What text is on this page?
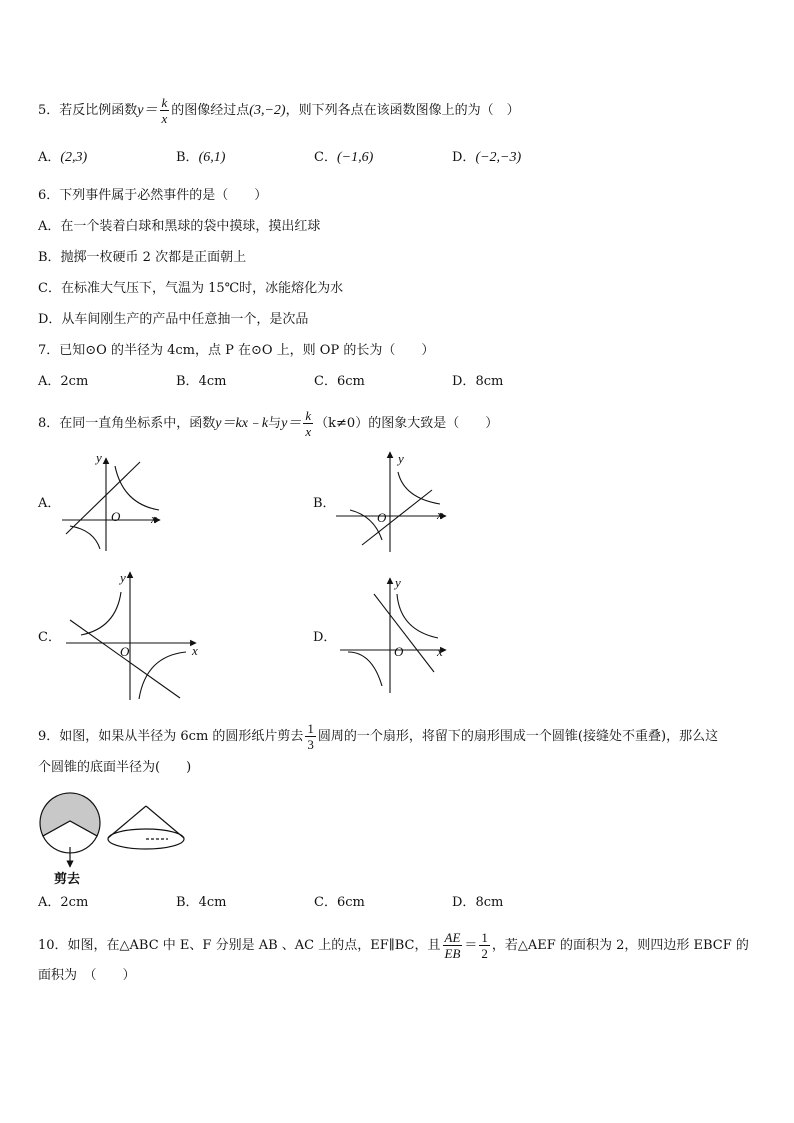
5．若反比例函数$y= \frac{k}{x}$ 的图像经过点(3,−2)，则下列各点在该函数图像上的为（　）
A．(2,3)	B．(6,1)	C．(−1,6)	D．(−2,−3)
6．下列事件属于必然事件的是（　　）
A．在一个装着白球和黑球的袋中摸球，摸出红球
B．抛掷一枚硬币 2 次都是正面朝上
C．在标准大气压下，气温为 15℃时，冰能熔化为水
D．从车间刚生产的产品中任意抽一个，是次品
7．已知⊙O 的半径为 4cm，点 P 在⊙O 上，则 OP 的长为（　　）
A．2cm	B．4cm	C．6cm	D．8cm
8．在同一直角坐标系中，函数y＝kx﹣k与$y= \frac{k}{x} (k\ne 0)$的图象大致是（　　）
A．	B．
C．	D．
y
x
O
y
x
O
y
x
O
y
x
O
9．如图，如果从半径为 6cm 的圆形纸片剪去 $\frac{1}{3}$ 圆周的一个扇形，将留下的扇形围成一个圆锥(接缝处不重叠)，那么这
个圆锥的底面半径为(　　)
剪去
A．2cm	B．4cm	C．6cm	D．8cm
10．如图，在△ABC 中 E、F 分别是 AB 、AC 上的点，EF∥BC，且 $\frac{AE}{EB} = \frac{1}{2}$ ，若△AEF 的面积为 2，则四边形 EBCF 的
面积为　（　　）
